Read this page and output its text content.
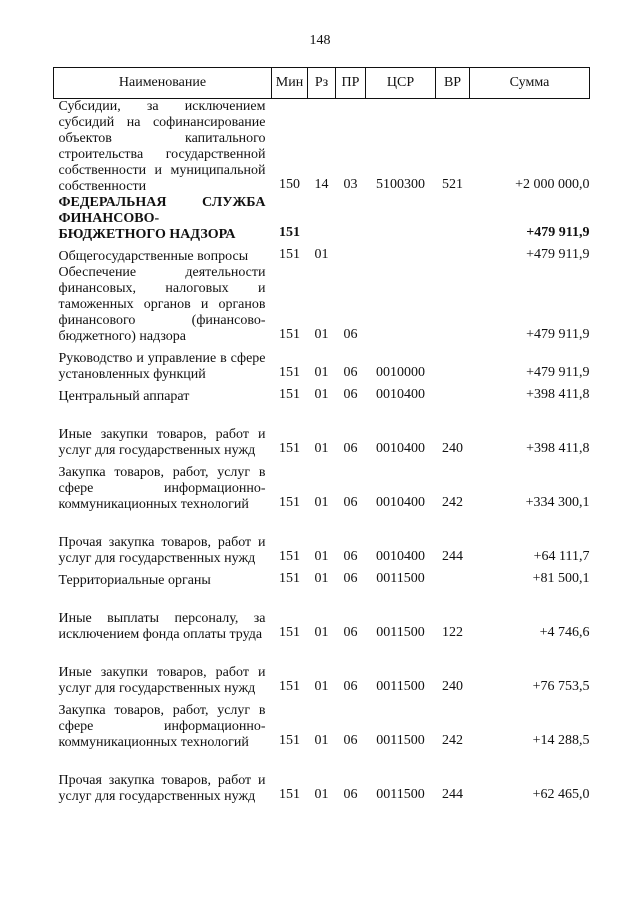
148
Наименование	Мин	Рз	ПР	ЦСР	ВР	Сумма
Субсидии, за исключением субсидий на софинансирование объектов капитального строительства государственной собственности и муниципальной собственности	150	14	03	5100300	521	+2 000 000,0
ФЕДЕРАЛЬНАЯ СЛУЖБА ФИНАНСОВО-БЮДЖЕТНОГО НАДЗОРА	151					+479 911,9
Общегосударственные вопросы	151	01				+479 911,9
Обеспечение деятельности финансовых, налоговых и таможенных органов и органов финансового (финансово-бюджетного) надзора	151	01	06			+479 911,9
Руководство и управление в сфере установленных функций	151	01	06	0010000		+479 911,9
Центральный аппарат	151	01	06	0010400		+398 411,8
Иные закупки товаров, работ и услуг для государственных нужд	151	01	06	0010400	240	+398 411,8
Закупка товаров, работ, услуг в сфере информационно-коммуникационных технологий	151	01	06	0010400	242	+334 300,1
Прочая закупка товаров, работ и услуг для государственных нужд	151	01	06	0010400	244	+64 111,7
Территориальные органы	151	01	06	0011500		+81 500,1
Иные выплаты персоналу, за исключением фонда оплаты труда	151	01	06	0011500	122	+4 746,6
Иные закупки товаров, работ и услуг для государственных нужд	151	01	06	0011500	240	+76 753,5
Закупка товаров, работ, услуг в сфере информационно-коммуникационных технологий	151	01	06	0011500	242	+14 288,5
Прочая закупка товаров, работ и услуг для государственных нужд	151	01	06	0011500	244	+62 465,0
